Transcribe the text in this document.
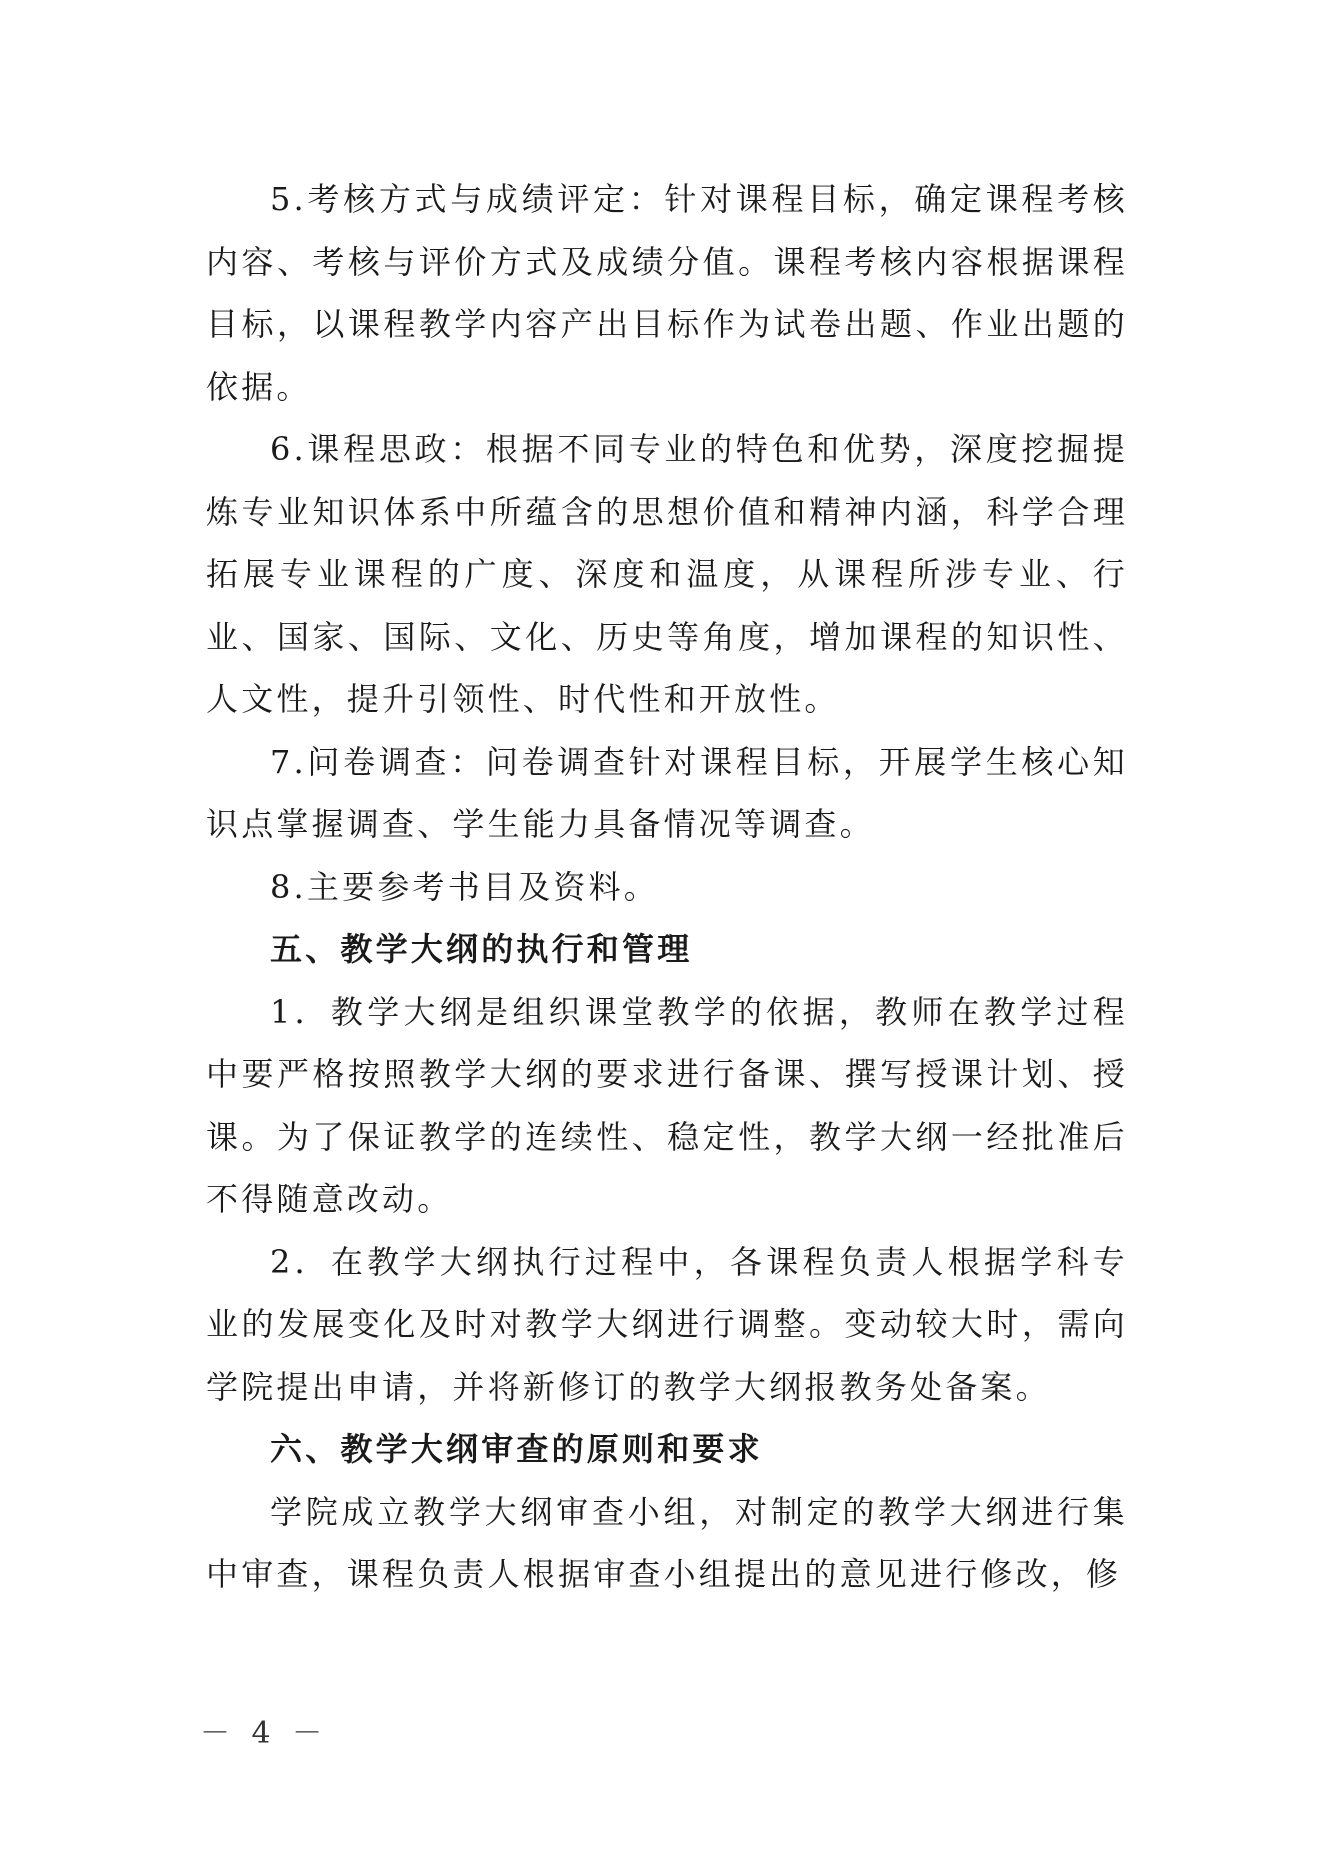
5.考核方式与成绩评定：针对课程目标，确定课程考核内容、考核与评价方式及成绩分值。课程考核内容根据课程目标，以课程教学内容产出目标作为试卷出题、作业出题的依据。

6.课程思政：根据不同专业的特色和优势，深度挖掘提炼专业知识体系中所蕴含的思想价值和精神内涵，科学合理拓展专业课程的广度、深度和温度，从课程所涉专业、行业、国家、国际、文化、历史等角度，增加课程的知识性、人文性，提升引领性、时代性和开放性。

7.问卷调查：问卷调查针对课程目标，开展学生核心知识点掌握调查、学生能力具备情况等调查。

8.主要参考书目及资料。

五、教学大纲的执行和管理

1．教学大纲是组织课堂教学的依据，教师在教学过程中要严格按照教学大纲的要求进行备课、撰写授课计划、授课。为了保证教学的连续性、稳定性，教学大纲一经批准后不得随意改动。

2．在教学大纲执行过程中，各课程负责人根据学科专业的发展变化及时对教学大纲进行调整。变动较大时，需向学院提出申请，并将新修订的教学大纲报教务处备案。

六、教学大纲审查的原则和要求

学院成立教学大纲审查小组，对制定的教学大纲进行集中审查，课程负责人根据审查小组提出的意见进行修改，修

－ 4 －
